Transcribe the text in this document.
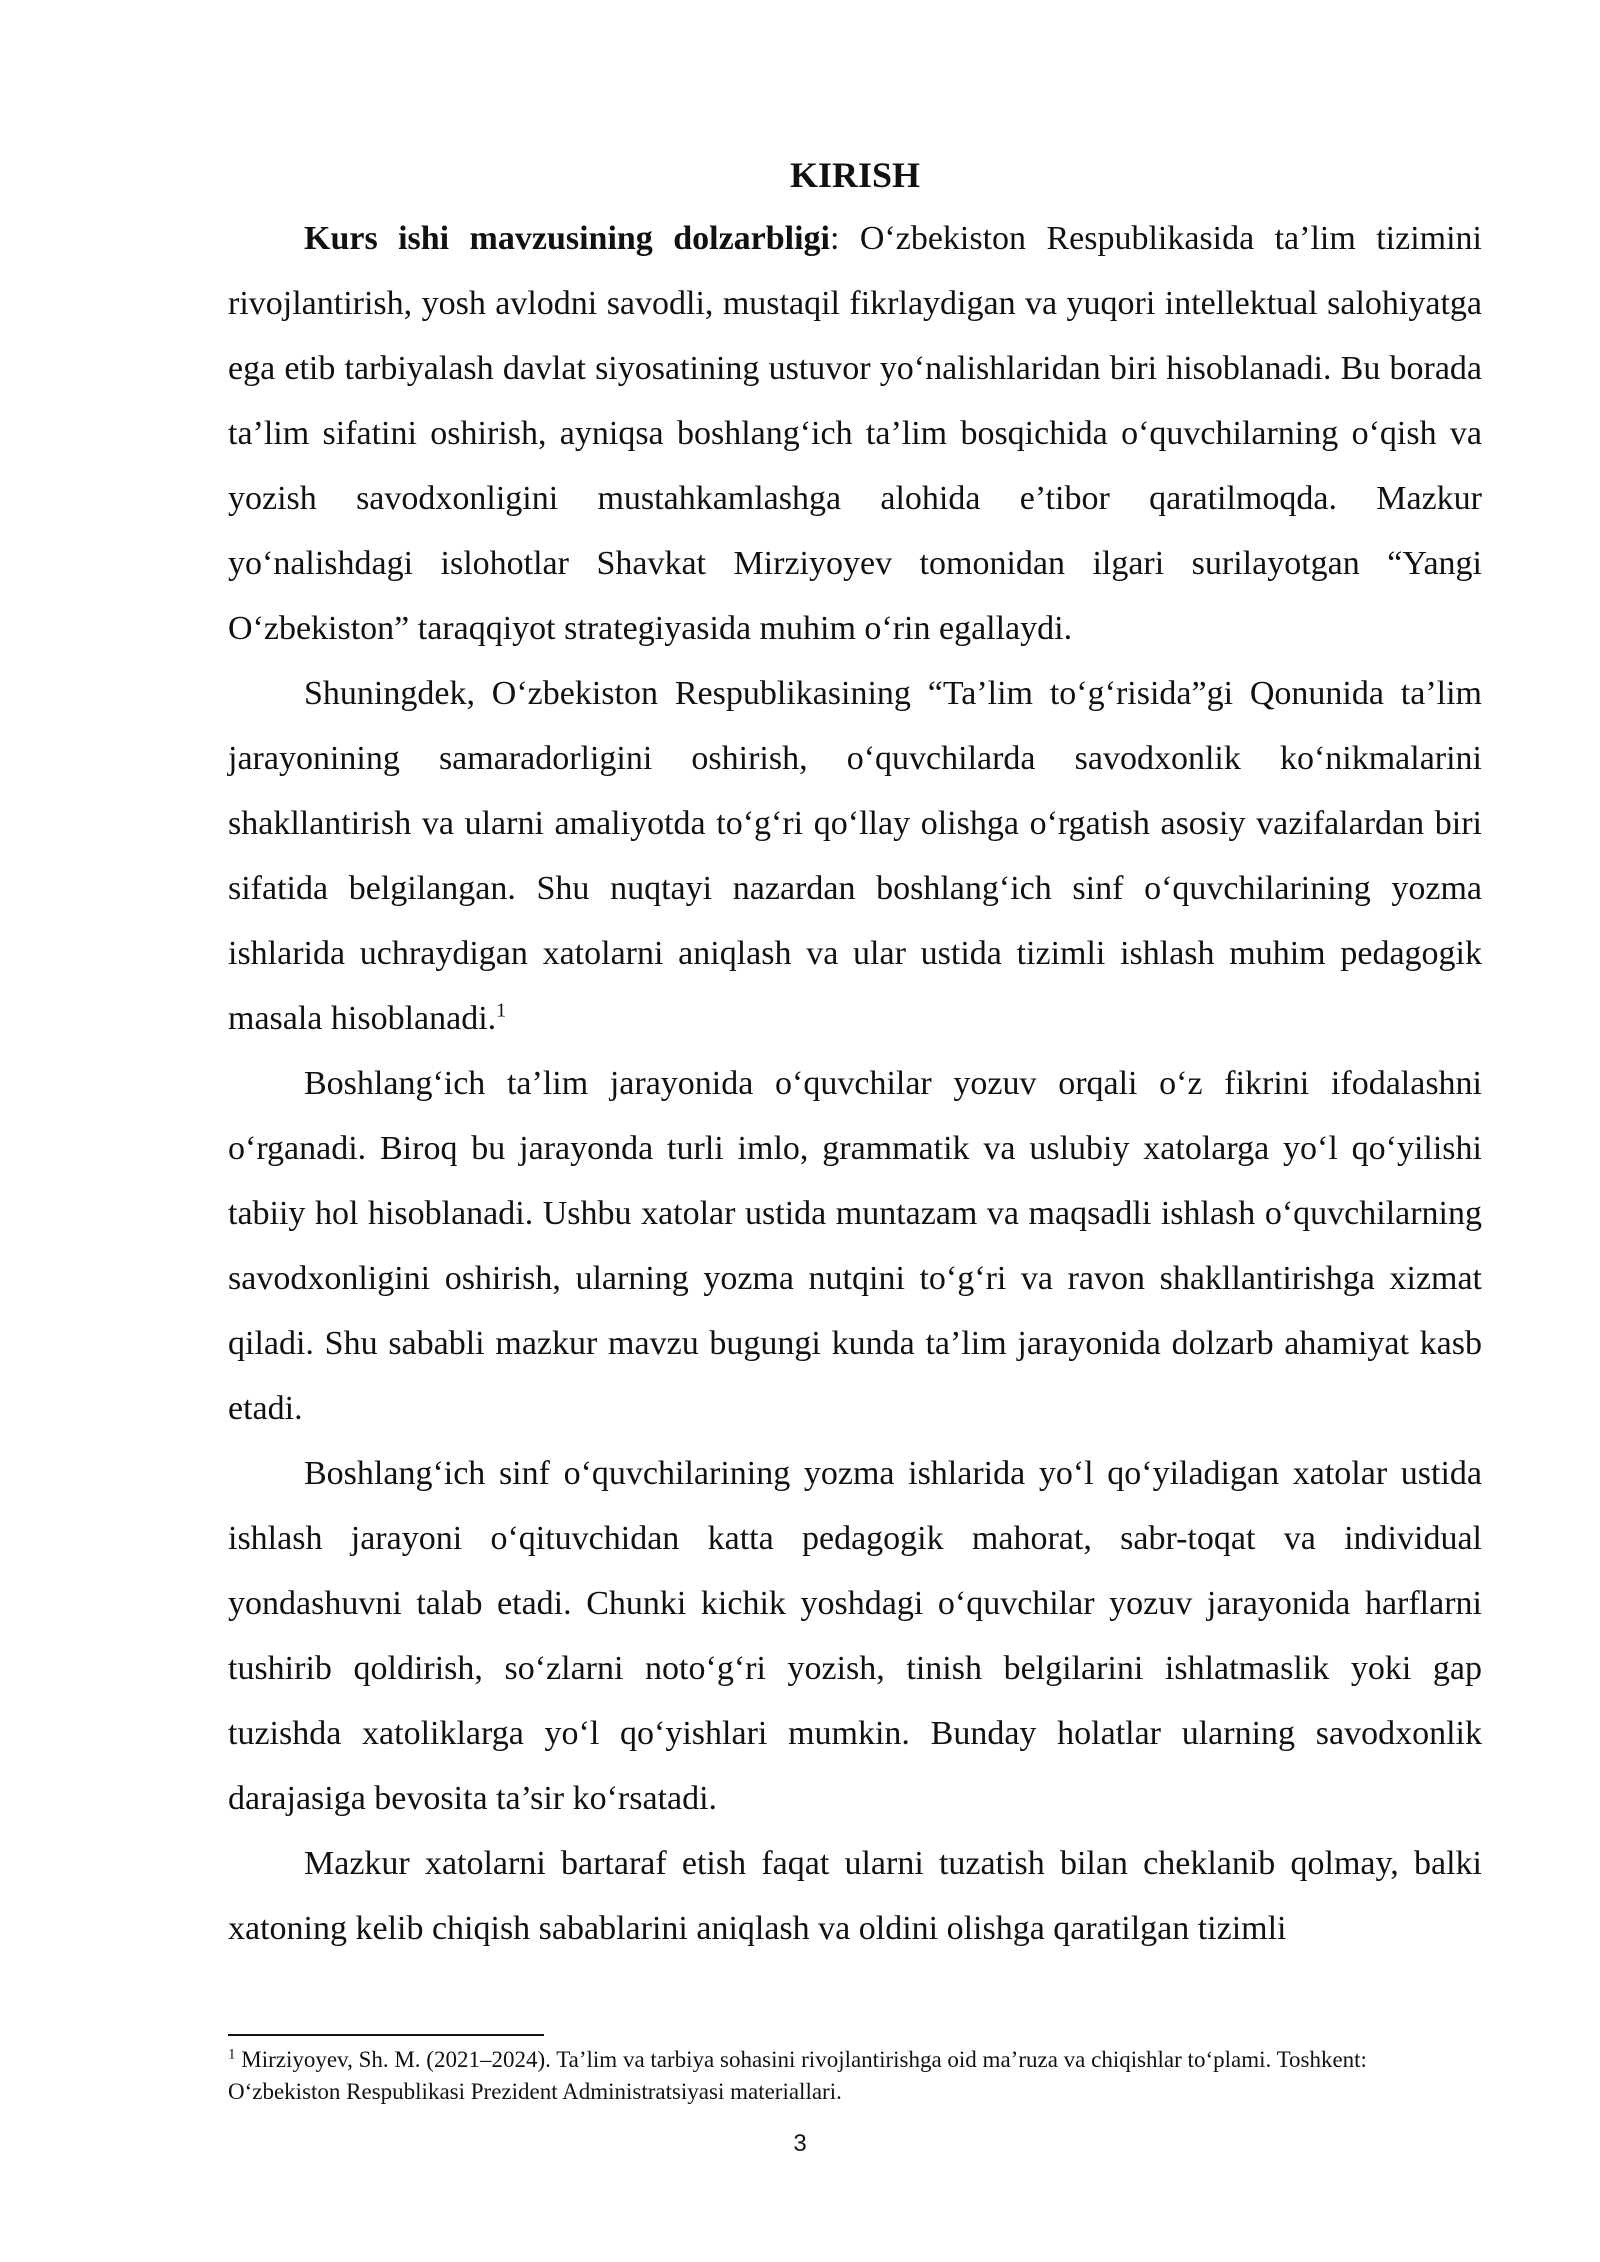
KIRISH

Kurs ishi mavzusining dolzarbligi: O‘zbekiston Respublikasida ta’lim tizimini rivojlantirish, yosh avlodni savodli, mustaqil fikrlaydigan va yuqori intellektual salohiyatga ega etib tarbiyalash davlat siyosatining ustuvor yo‘nalishlaridan biri hisoblanadi. Bu borada ta’lim sifatini oshirish, ayniqsa boshlang‘ich ta’lim bosqichida o‘quvchilarning o‘qish va yozish savodxonligini mustahkamlashga alohida e’tibor qaratilmoqda. Mazkur yo‘nalishdagi islohotlar Shavkat Mirziyoyev tomonidan ilgari surilayotgan “Yangi O‘zbekiston” taraqqiyot strategiyasida muhim o‘rin egallaydi.

Shuningdek, O‘zbekiston Respublikasining “Ta’lim to‘g‘risida”gi Qonunida ta’lim jarayonining samaradorligini oshirish, o‘quvchilarda savodxonlik ko‘nikmalarini shakllantirish va ularni amaliyotda to‘g‘ri qo‘llay olishga o‘rgatish asosiy vazifalardan biri sifatida belgilangan. Shu nuqtayi nazardan boshlang‘ich sinf o‘quvchilarining yozma ishlarida uchraydigan xatolarni aniqlash va ular ustida tizimli ishlash muhim pedagogik masala hisoblanadi.$^1$

Boshlang‘ich ta’lim jarayonida o‘quvchilar yozuv orqali o‘z fikrini ifodalashni o‘rganadi. Biroq bu jarayonda turli imlo, grammatik va uslubiy xatolarga yo‘l qo‘yilishi tabiiy hol hisoblanadi. Ushbu xatolar ustida muntazam va maqsadli ishlash o‘quvchilarning savodxonligini oshirish, ularning yozma nutqini to‘g‘ri va ravon shakllantirishga xizmat qiladi. Shu sababli mazkur mavzu bugungi kunda ta’lim jarayonida dolzarb ahamiyat kasb etadi.

Boshlang‘ich sinf o‘quvchilarining yozma ishlarida yo‘l qo‘yiladigan xatolar ustida ishlash jarayoni o‘qituvchidan katta pedagogik mahorat, sabr-toqat va individual yondashuvni talab etadi. Chunki kichik yoshdagi o‘quvchilar yozuv jarayonida harflarni tushirib qoldirish, so‘zlarni noto‘g‘ri yozish, tinish belgilarini ishlatmaslik yoki gap tuzishda xatoliklarga yo‘l qo‘yishlari mumkin. Bunday holatlar ularning savodxonlik darajasiga bevosita ta’sir ko‘rsatadi.

Mazkur xatolarni bartaraf etish faqat ularni tuzatish bilan cheklanib qolmay, balki xatoning kelib chiqish sabablarini aniqlash va oldini olishga qaratilgan tizimli

$^1$ Mirziyoyev, Sh. M. (2021–2024). Ta’lim va tarbiya sohasini rivojlantirishga oid ma’ruza va chiqishlar to‘plami. Toshkent: O‘zbekiston Respublikasi Prezident Administratsiyasi materiallari.
3
